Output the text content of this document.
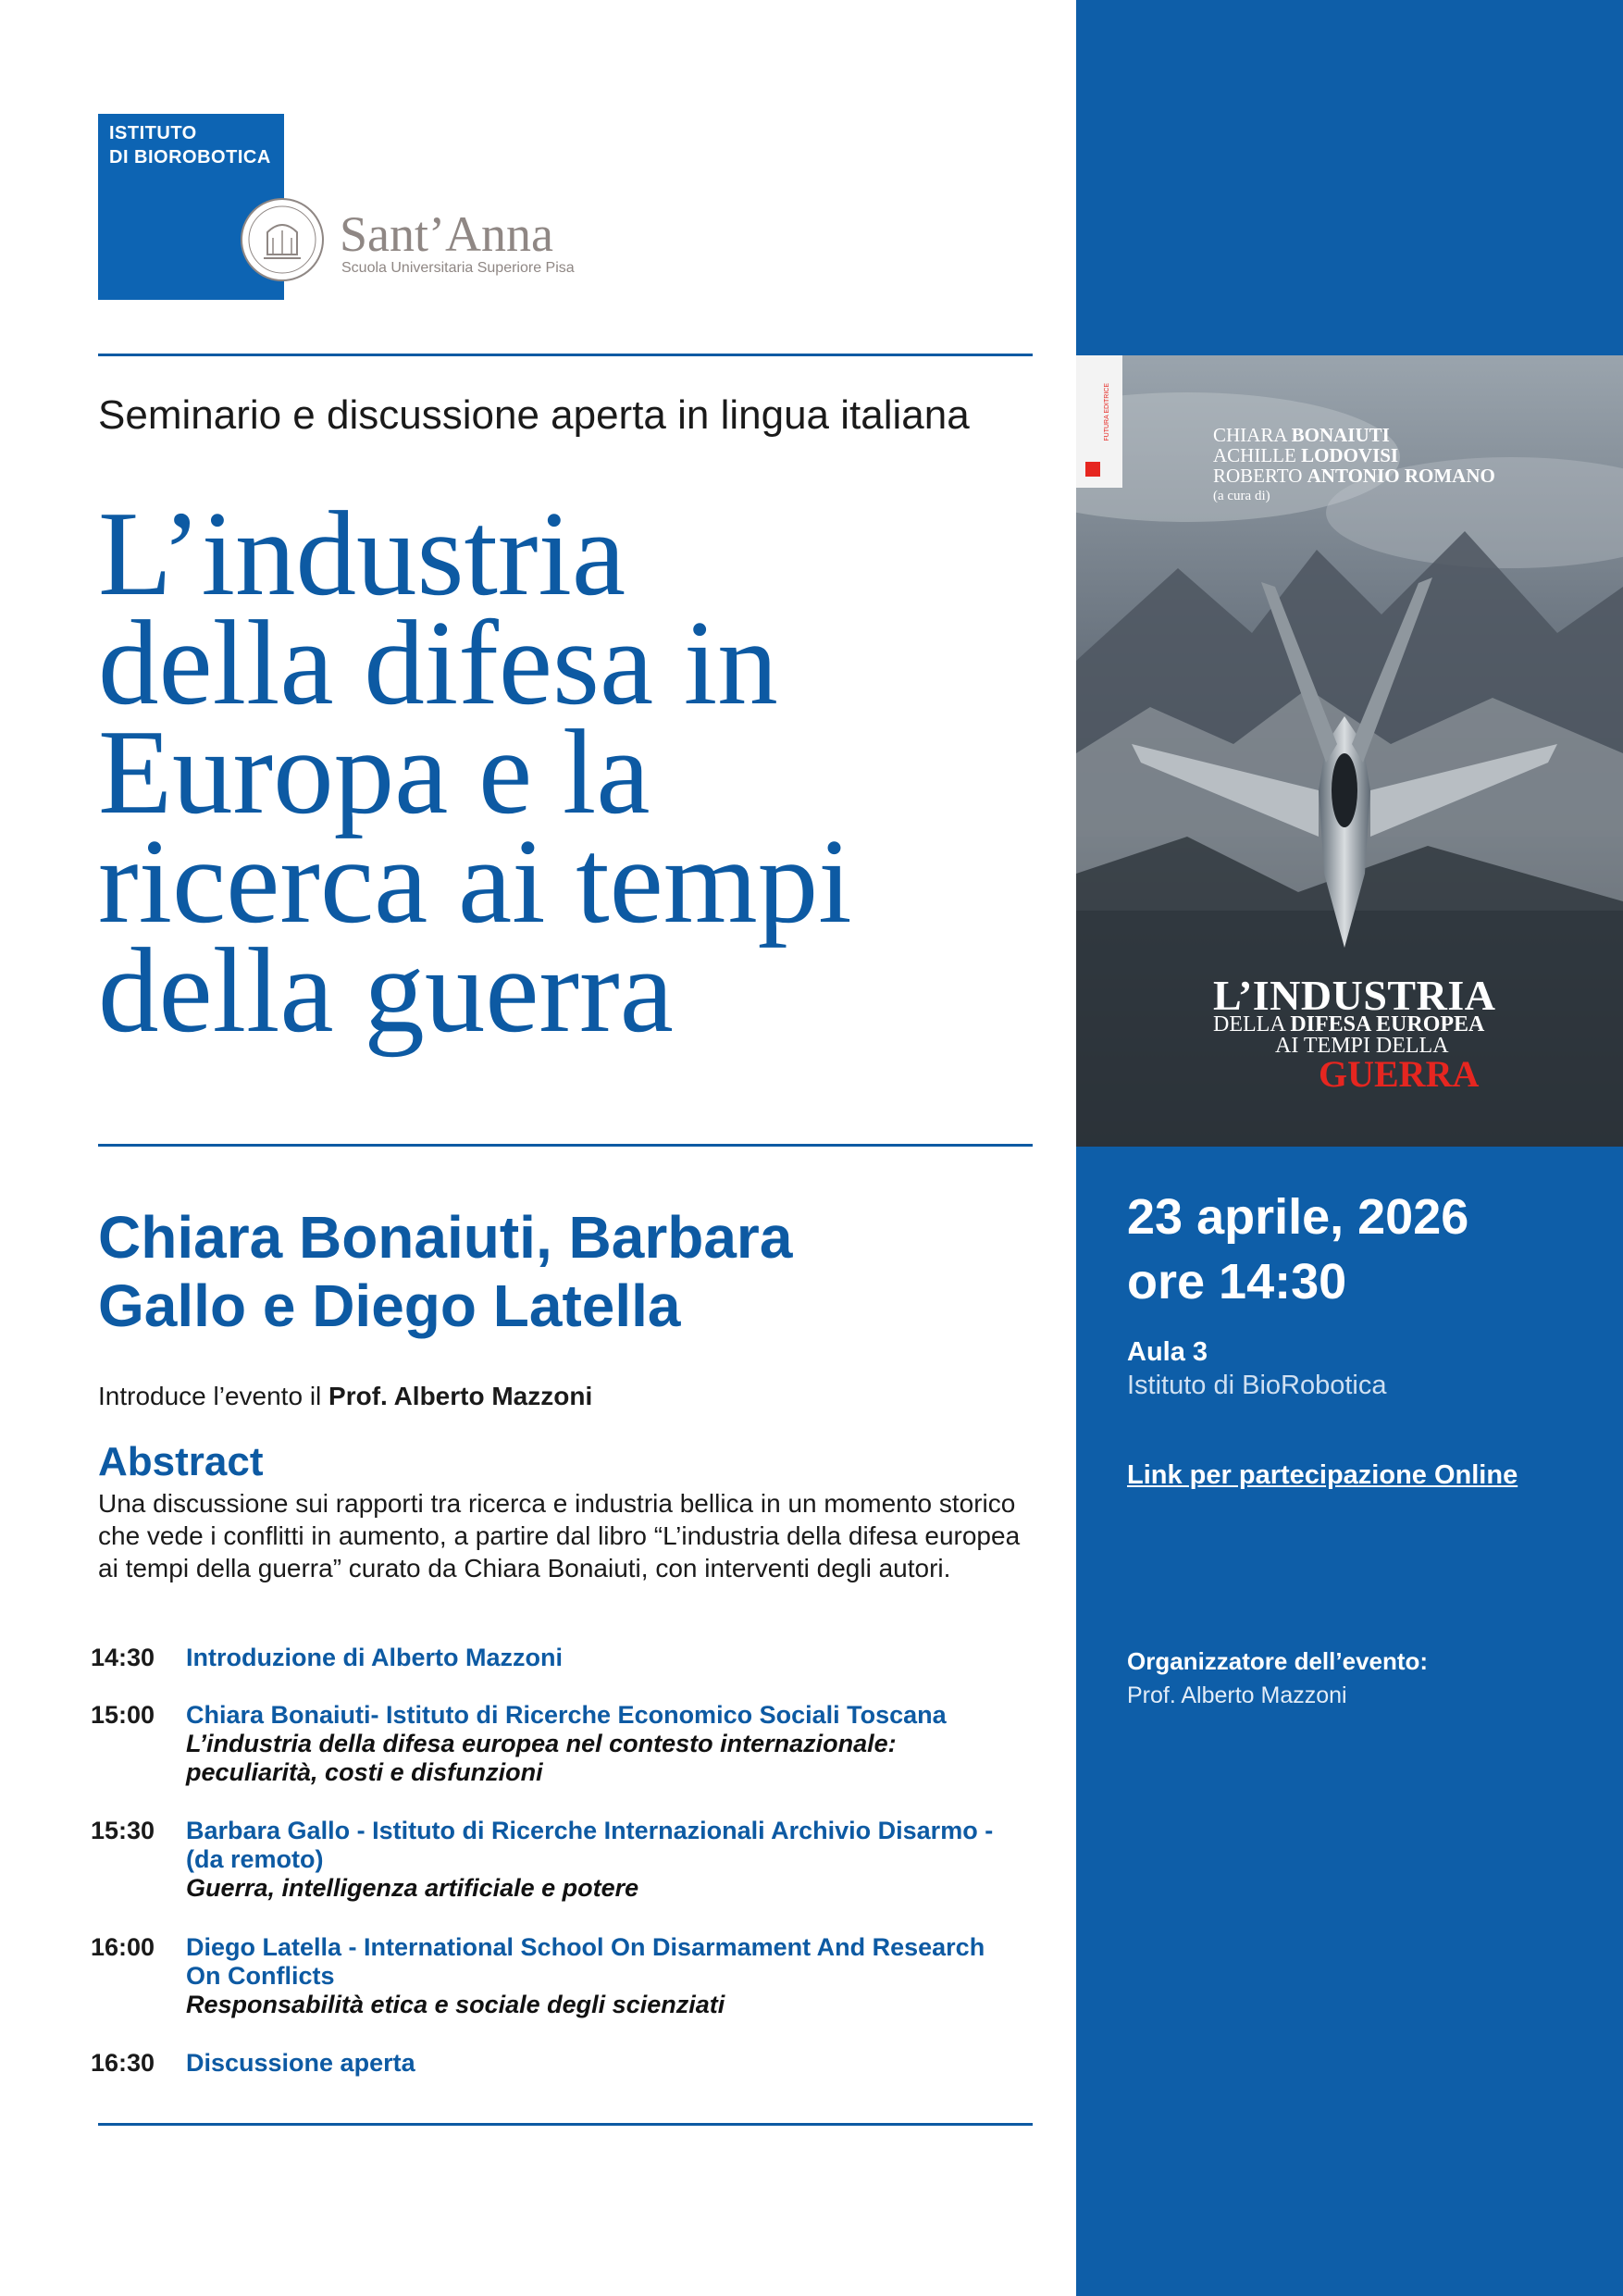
ISTITUTO
DI BIOROBOTICA
Sant’Anna
Scuola Universitaria Superiore Pisa
Seminario e discussione aperta in lingua italiana
L’industria
della difesa in
Europa e la
ricerca ai tempi
della guerra
Chiara Bonaiuti, Barbara
Gallo e Diego Latella
Introduce l’evento il Prof. Alberto Mazzoni
Abstract
Una discussione sui rapporti tra ricerca e industria bellica in un momento storico che vede i conflitti in aumento, a partire dal libro “L’industria della difesa europea ai tempi della guerra” curato da Chiara Bonaiuti, con interventi degli autori.
14:30 Introduzione di Alberto Mazzoni
15:00 Chiara Bonaiuti- Istituto di Ricerche Economico Sociali Toscana
L’industria della difesa europea nel contesto internazionale: peculiarità, costi e disfunzioni
15:30 Barbara Gallo - Istituto di Ricerche Internazionali Archivio Disarmo - (da remoto)
Guerra, intelligenza artificiale e potere
16:00 Diego Latella - International School On Disarmament And Research On Conflicts
Responsabilità etica e sociale degli scienziati
16:30 Discussione aperta
FUTURA EDITRICE	CHIARA BONAIUTI
ACHILLE LODOVISI
ROBERTO ANTONIO ROMANO
(a cura di)
L’INDUSTRIA
DELLA DIFESA EUROPEA
AI TEMPI DELLA
GUERRA
23 aprile, 2026
ore 14:30
Aula 3
Istituto di BioRobotica
Link per partecipazione Online
Organizzatore dell’evento:
Prof. Alberto Mazzoni
